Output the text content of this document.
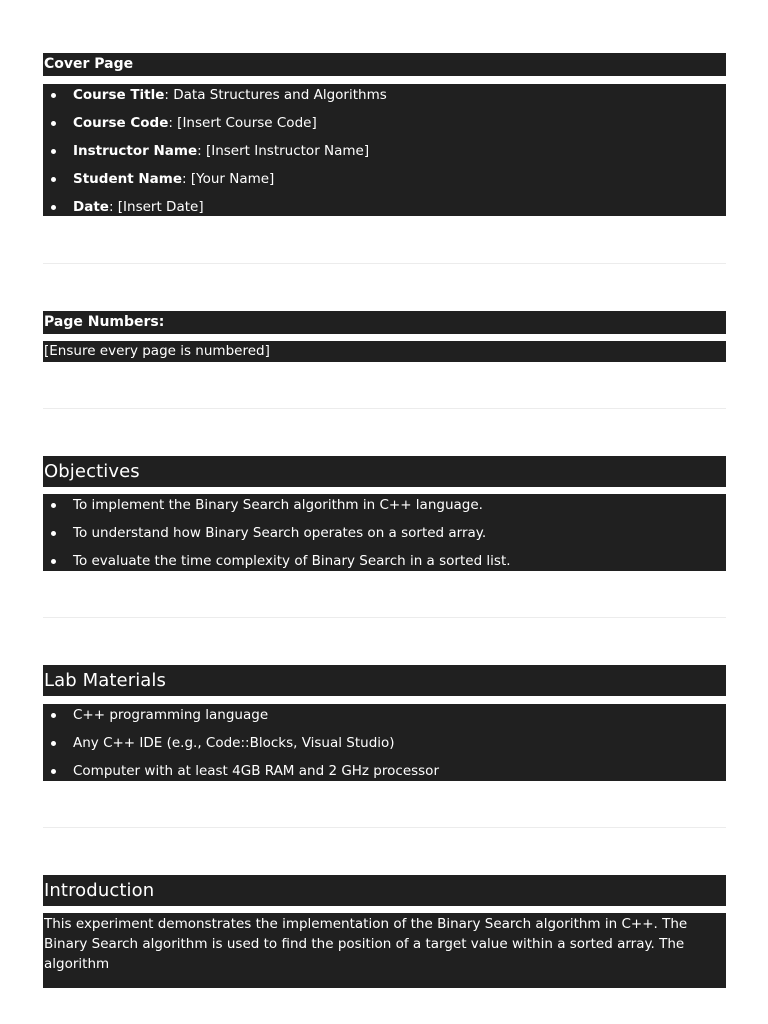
Cover Page
Course Title: Data Structures and Algorithms
Course Code: [Insert Course Code]
Instructor Name: [Insert Instructor Name]
Student Name: [Your Name]
Date: [Insert Date]
Page Numbers:
[Ensure every page is numbered]
Objectives
To implement the Binary Search algorithm in C++ language.
To understand how Binary Search operates on a sorted array.
To evaluate the time complexity of Binary Search in a sorted list.
Lab Materials
C++ programming language
Any C++ IDE (e.g., Code::Blocks, Visual Studio)
Computer with at least 4GB RAM and 2 GHz processor
Introduction
This experiment demonstrates the implementation of the Binary Search algorithm in C++. The Binary Search algorithm is used to find the position of a target value within a sorted array. The algorithm
